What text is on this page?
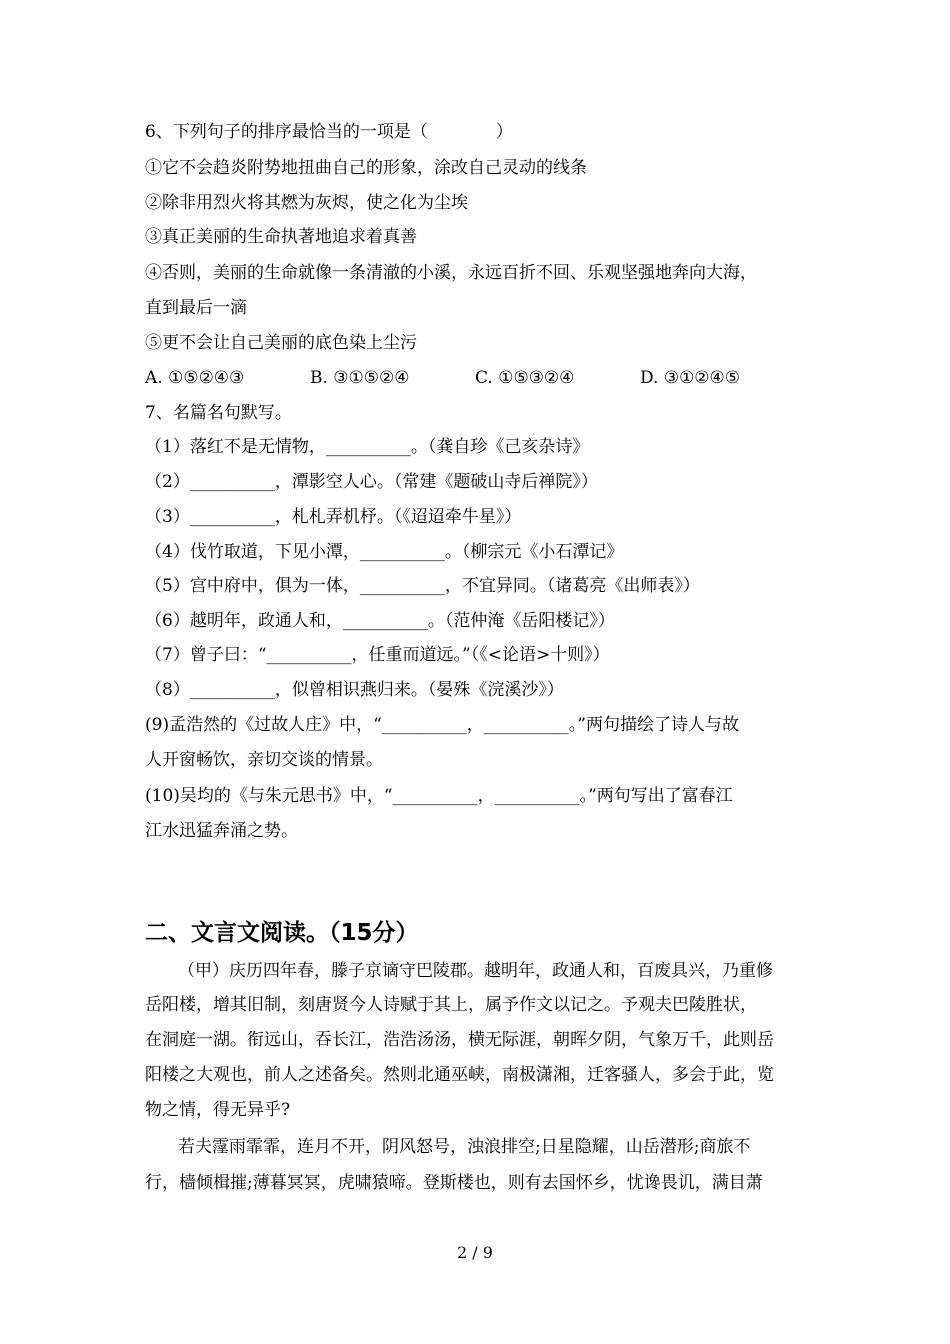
6、下列句子的排序最恰当的一项是（　　　　）
①它不会趋炎附势地扭曲自己的形象，涂改自己灵动的线条
②除非用烈火将其燃为灰烬，使之化为尘埃
③真正美丽的生命执著地追求着真善
④否则，美丽的生命就像一条清澈的小溪，永远百折不回、乐观坚强地奔向大海，
直到最后一滴
⑤更不会让自己美丽的底色染上尘污
A. ①⑤②④③	B. ③①⑤②④	C. ①⑤③②④	D. ③①②④⑤
7、名篇名句默写。
（1）落红不是无情物，__________。（龚自珍《己亥杂诗》
（2）__________，潭影空人心。（常建《题破山寺后禅院》）
（3）__________，札札弄机杼。（《迢迢牵牛星》）
（4）伐竹取道，下见小潭，__________。（柳宗元《小石潭记》
（5）宫中府中，俱为一体，__________，不宜异同。（诸葛亮《出师表》）
（6）越明年，政通人和，__________。（范仲淹《岳阳楼记》）
（7）曾子曰：“__________，任重而道远。”（《<论语>十则》）
（8）__________，似曾相识燕归来。（晏殊《浣溪沙》）
(9)孟浩然的《过故人庄》中，“__________，__________。”两句描绘了诗人与故
人开窗畅饮，亲切交谈的情景。
(10)吴均的《与朱元思书》中，“__________，__________。”两句写出了富春江
江水迅猛奔涌之势。
二、文言文阅读。（15分）
（甲）庆历四年春，滕子京谪守巴陵郡。越明年，政通人和，百废具兴，乃重修
岳阳楼，增其旧制，刻唐贤今人诗赋于其上，属予作文以记之。予观夫巴陵胜状，
在洞庭一湖。衔远山，吞长江，浩浩汤汤，横无际涯，朝晖夕阴，气象万千，此则岳
阳楼之大观也，前人之述备矣。然则北通巫峡，南极潇湘，迁客骚人，多会于此，览
物之情，得无异乎?
若夫霪雨霏霏，连月不开，阴风怒号，浊浪排空;日星隐耀，山岳潜形;商旅不
行，樯倾楫摧;薄暮冥冥，虎啸猿啼。登斯楼也，则有去国怀乡，忧谗畏讥，满目萧
2 / 9
